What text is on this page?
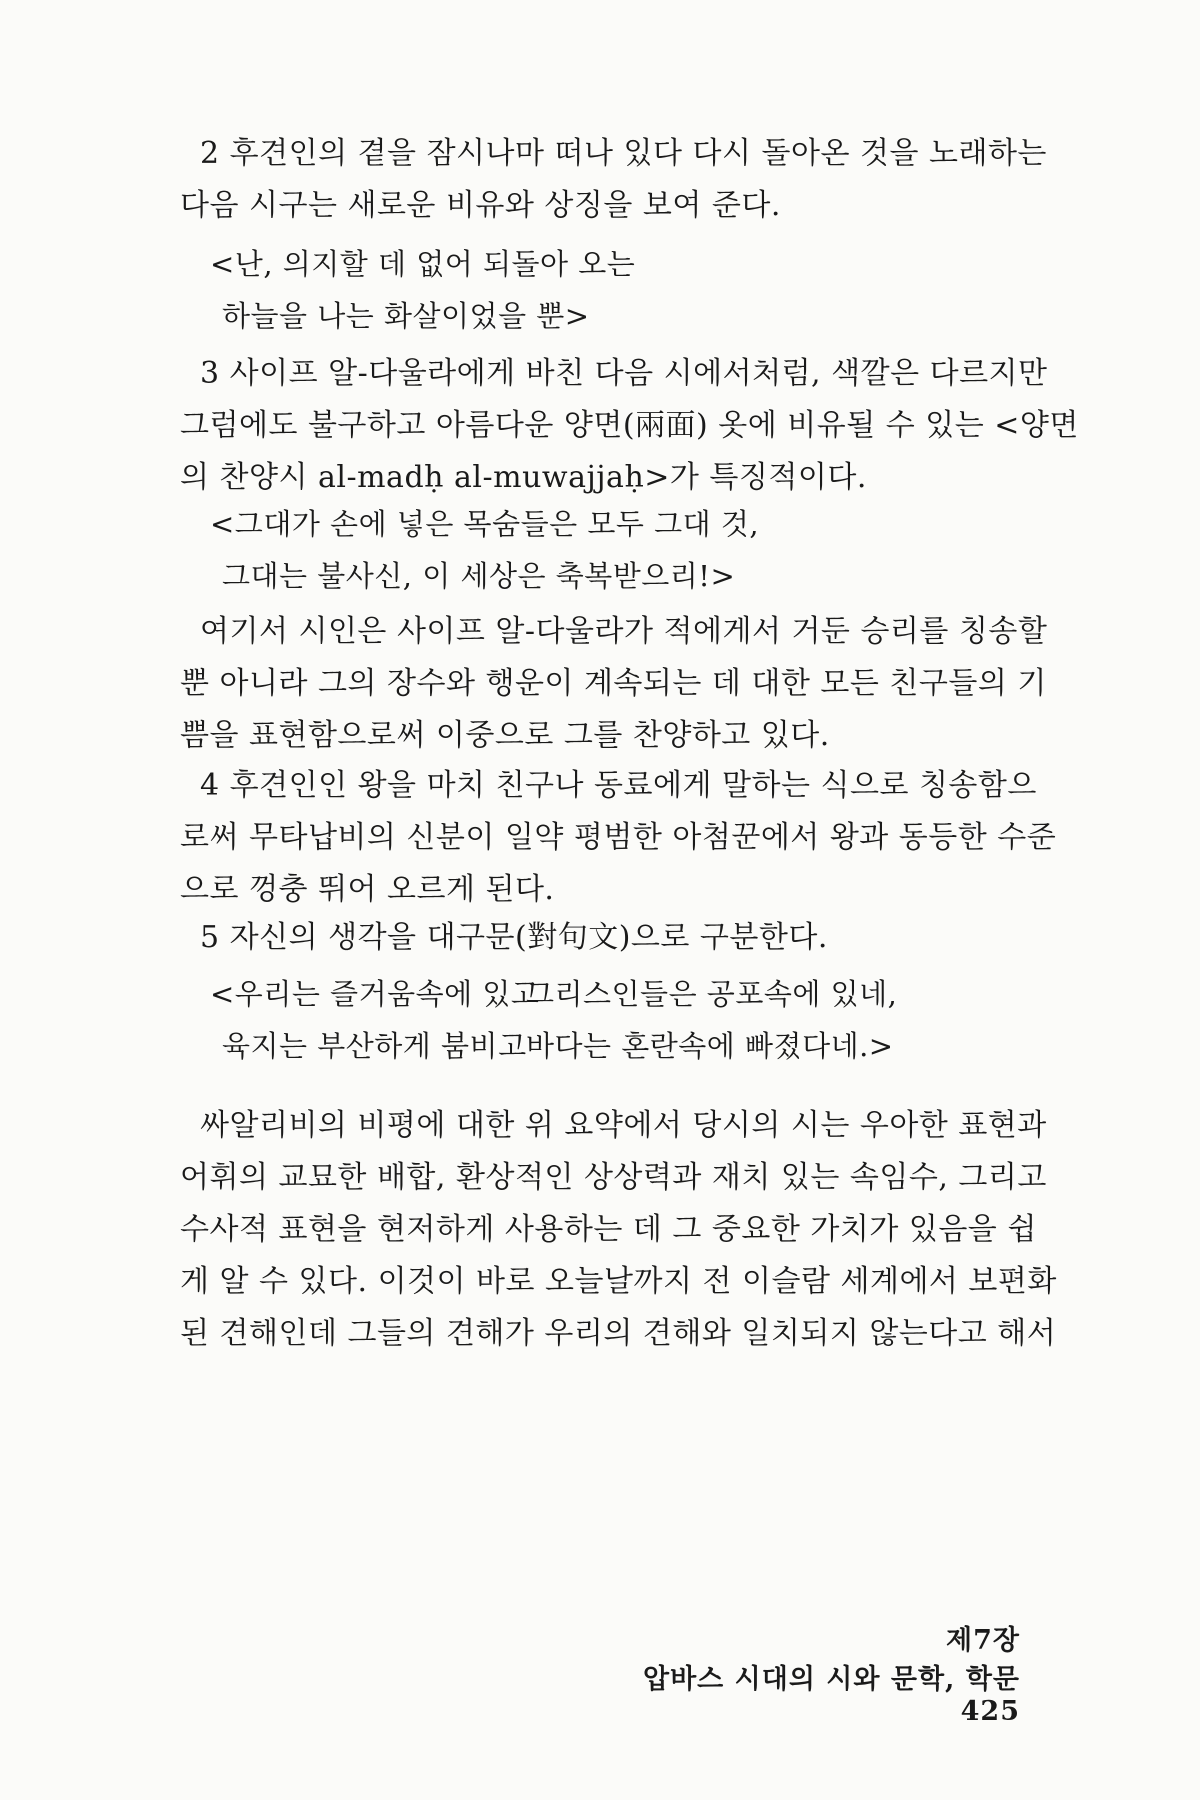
2 후견인의 곁을 잠시나마 떠나 있다 다시 돌아온 것을 노래하는
다음 시구는 새로운 비유와 상징을 보여 준다.
<난, 의지할 데 없어 되돌아 오는
하늘을 나는 화살이었을 뿐>
3 사이프 알-다울라에게 바친 다음 시에서처럼, 색깔은 다르지만
그럼에도 불구하고 아름다운 양면(兩面) 옷에 비유될 수 있는 <양면
의 찬양시 al-madḥ al-muwajjaḥ>가 특징적이다.
<그대가 손에 넣은 목숨들은 모두 그대 것,
그대는 불사신, 이 세상은 축복받으리!>
여기서 시인은 사이프 알-다울라가 적에게서 거둔 승리를 칭송할
뿐 아니라 그의 장수와 행운이 계속되는 데 대한 모든 친구들의 기
쁨을 표현함으로써 이중으로 그를 찬양하고 있다.
4 후견인인 왕을 마치 친구나 동료에게 말하는 식으로 칭송함으
로써 무타납비의 신분이 일약 평범한 아첨꾼에서 왕과 동등한 수준
으로 껑충 뛰어 오르게 된다.
5 자신의 생각을 대구문(對句文)으로 구분한다.
<우리는 즐거움속에 있고그리스인들은 공포속에 있네,
육지는 부산하게 붐비고바다는 혼란속에 빠졌다네.>
싸알리비의 비평에 대한 위 요약에서 당시의 시는 우아한 표현과
어휘의 교묘한 배합, 환상적인 상상력과 재치 있는 속임수, 그리고
수사적 표현을 현저하게 사용하는 데 그 중요한 가치가 있음을 쉽
게 알 수 있다. 이것이 바로 오늘날까지 전 이슬람 세계에서 보편화
된 견해인데 그들의 견해가 우리의 견해와 일치되지 않는다고 해서
제7장 압바스 시대의 시와 문학, 학문 425
